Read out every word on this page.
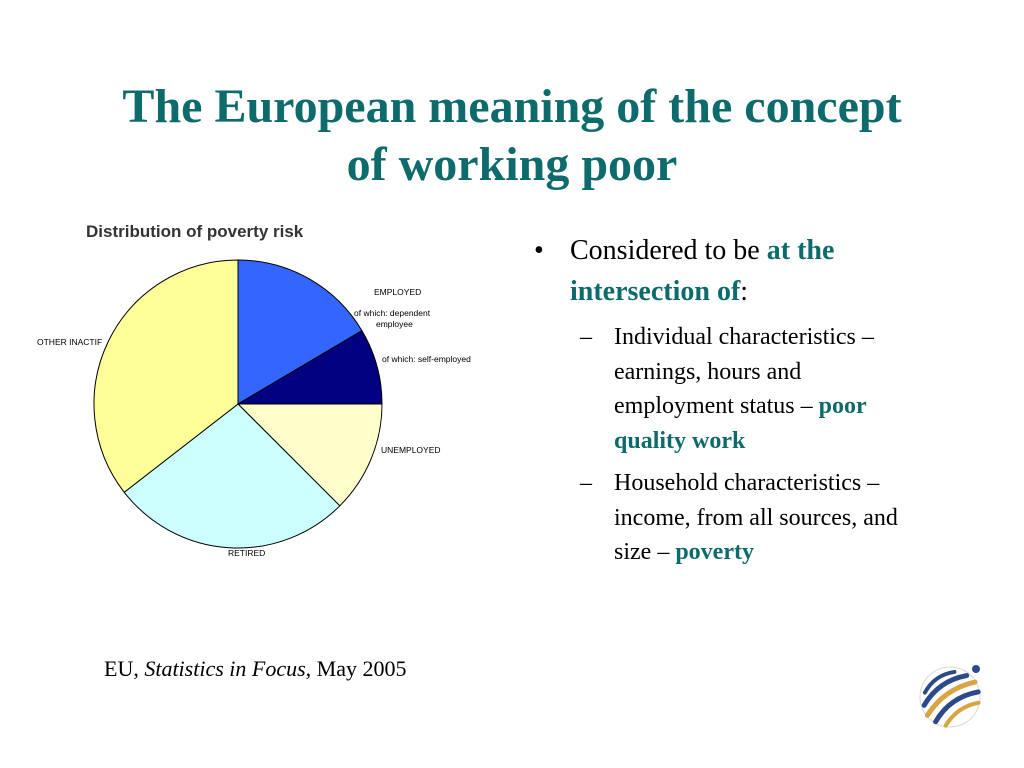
The European meaning of the concept
of working poor
Distribution of poverty risk
EMPLOYED
of which: dependent
employee
of which: self-employed
UNEMPLOYED
RETIRED
OTHER INACTIF
• Considered to be at the intersection of:
– Individual characteristics – earnings, hours and employment status – poor quality work
– Household characteristics – income, from all sources, and size – poverty
EU, Statistics in Focus, May 2005
